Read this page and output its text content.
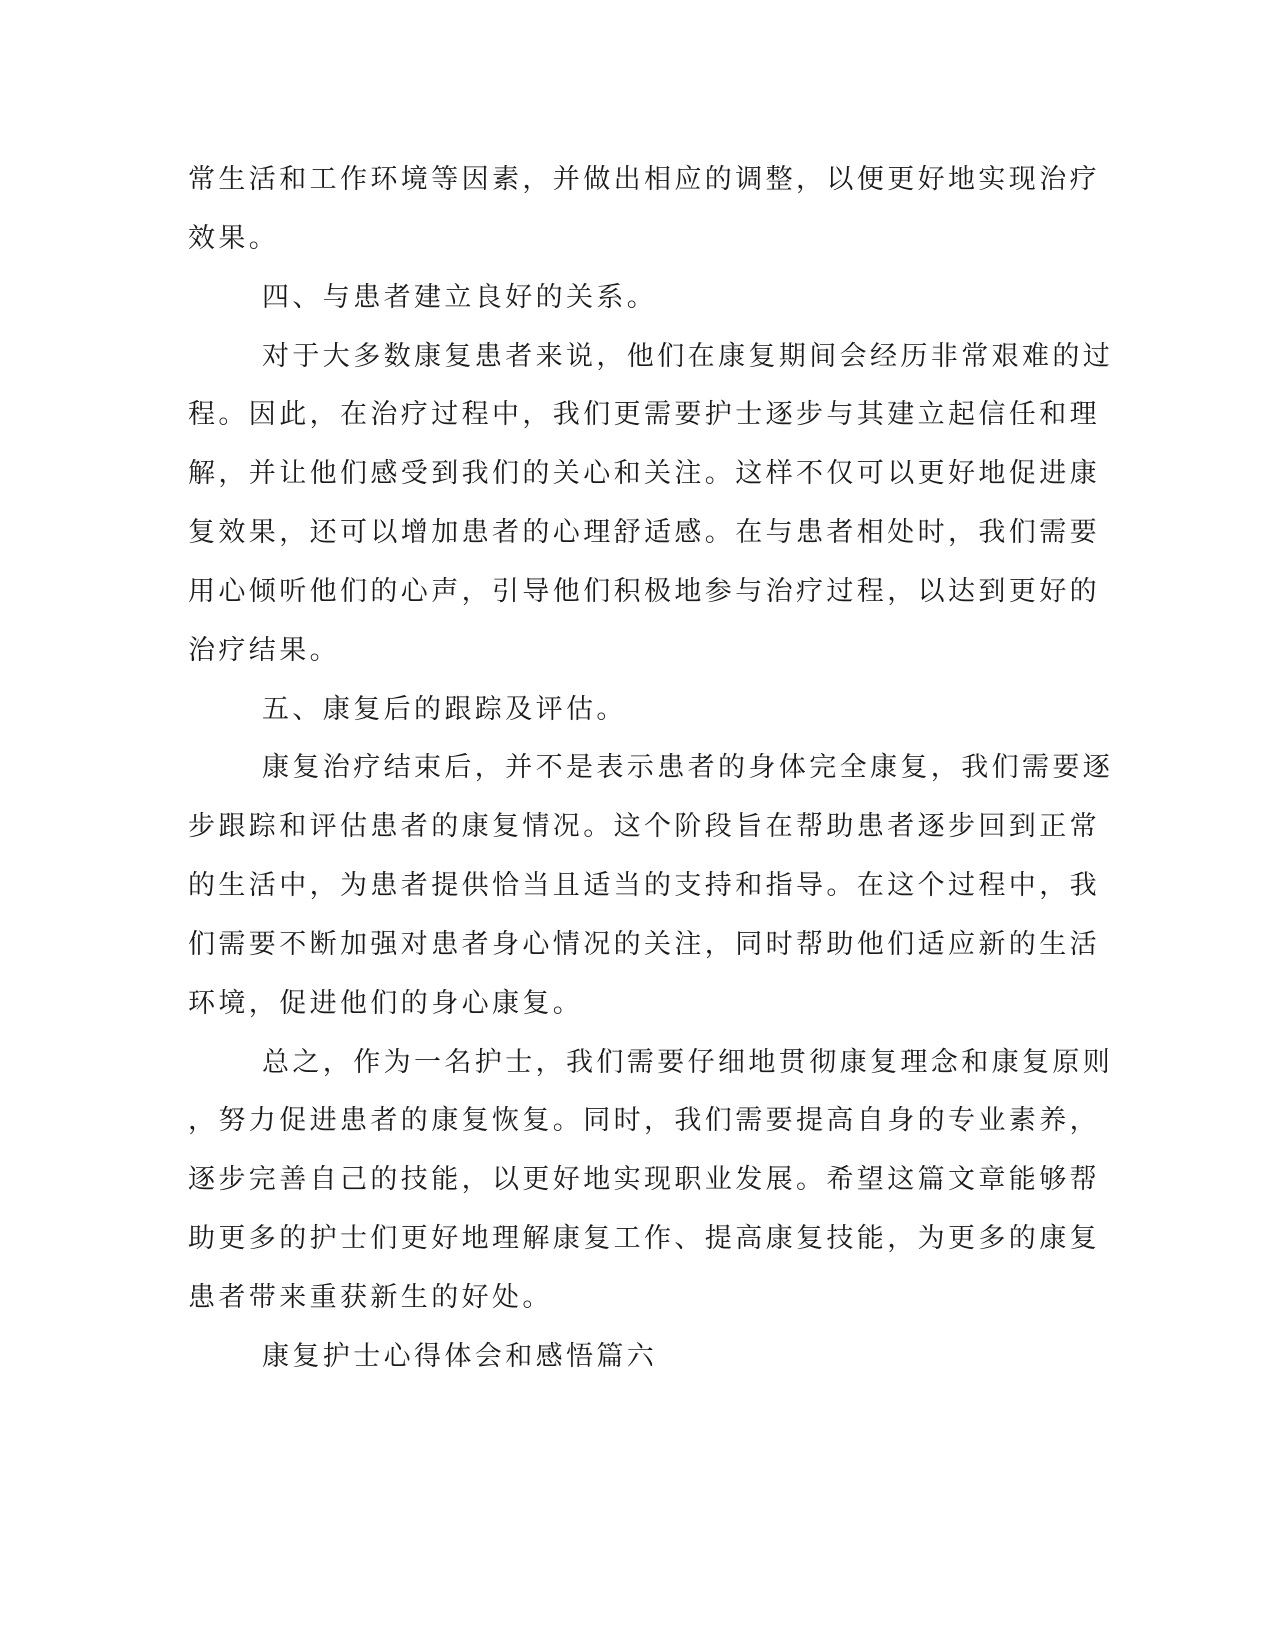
常生活和工作环境等因素，并做出相应的调整，以便更好地实现治疗

效果。

四、与患者建立良好的关系。

对于大多数康复患者来说，他们在康复期间会经历非常艰难的过

程。因此，在治疗过程中，我们更需要护士逐步与其建立起信任和理

解，并让他们感受到我们的关心和关注。这样不仅可以更好地促进康

复效果，还可以增加患者的心理舒适感。在与患者相处时，我们需要

用心倾听他们的心声，引导他们积极地参与治疗过程，以达到更好的

治疗结果。

五、康复后的跟踪及评估。

康复治疗结束后，并不是表示患者的身体完全康复，我们需要逐

步跟踪和评估患者的康复情况。这个阶段旨在帮助患者逐步回到正常

的生活中，为患者提供恰当且适当的支持和指导。在这个过程中，我

们需要不断加强对患者身心情况的关注，同时帮助他们适应新的生活

环境，促进他们的身心康复。

总之，作为一名护士，我们需要仔细地贯彻康复理念和康复原则

，努力促进患者的康复恢复。同时，我们需要提高自身的专业素养，

逐步完善自己的技能，以更好地实现职业发展。希望这篇文章能够帮

助更多的护士们更好地理解康复工作、提高康复技能，为更多的康复

患者带来重获新生的好处。

康复护士心得体会和感悟篇六
